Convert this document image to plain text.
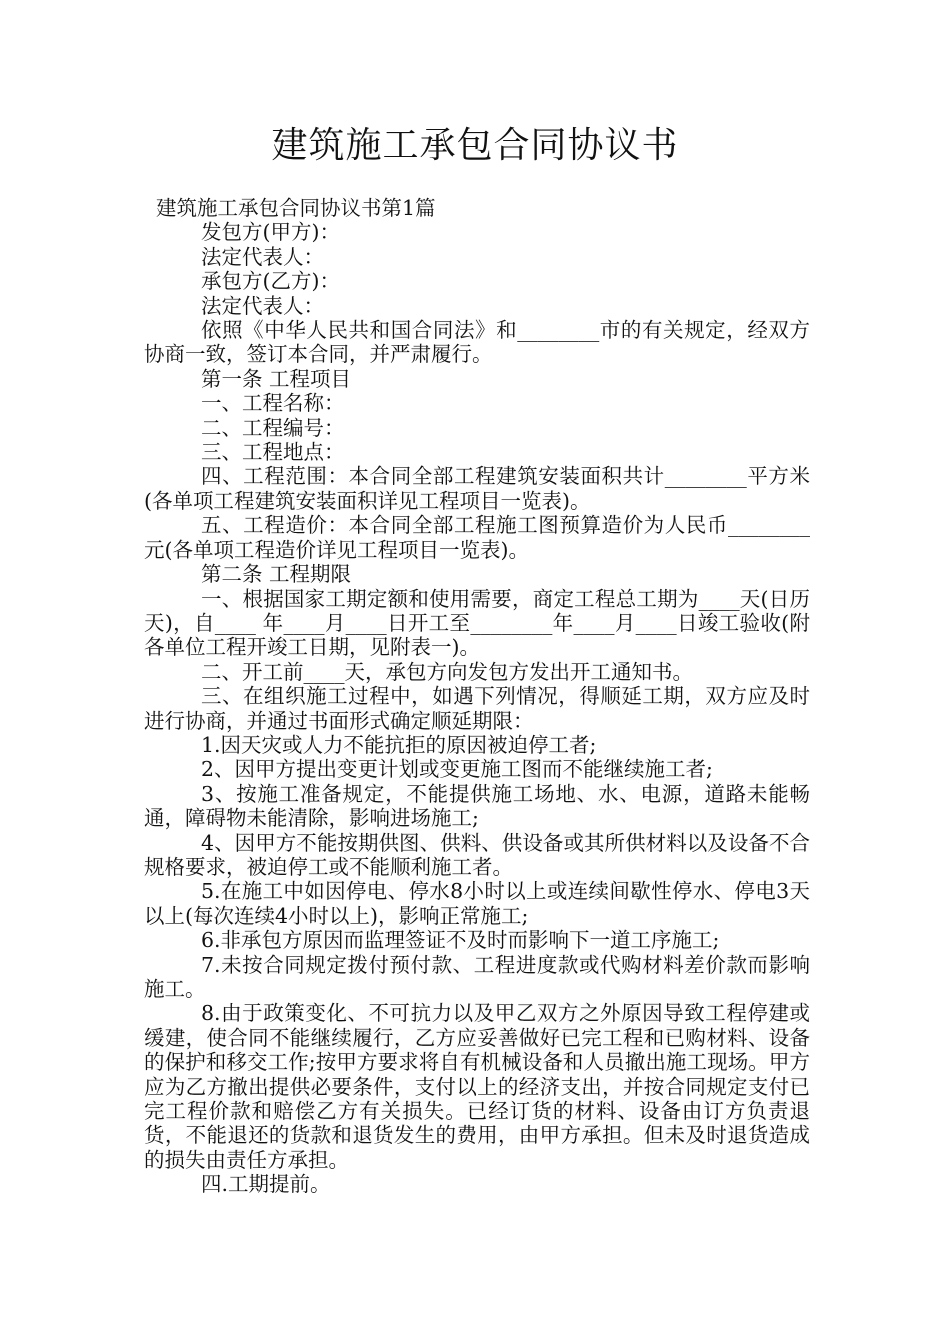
建筑施工承包合同协议书

建筑施工承包合同协议书第1篇

发包方(甲方)：

法定代表人：

承包方(乙方)：

法定代表人：

依照《中华人民共和国合同法》和________市的有关规定，经双方协商一致，签订本合同，并严肃履行。

第一条 工程项目

一、工程名称：

二、工程编号：

三、工程地点：

四、工程范围：本合同全部工程建筑安装面积共计________平方米(各单项工程建筑安装面积详见工程项目一览表)。

五、工程造价：本合同全部工程施工图预算造价为人民币________元(各单项工程造价详见工程项目一览表)。

第二条 工程期限

一、根据国家工期定额和使用需要，商定工程总工期为____天(日历天)，自____ 年____月____日开工至________年____月____日竣工验收(附各单位工程开竣工日期，见附表一)。

二、开工前____天，承包方向发包方发出开工通知书。

三、在组织施工过程中，如遇下列情况，得顺延工期，双方应及时进行协商，并通过书面形式确定顺延期限：

1.因天灾或人力不能抗拒的原因被迫停工者;

2、因甲方提出变更计划或变更施工图而不能继续施工者;

3、按施工准备规定，不能提供施工场地、水、电源，道路未能畅通，障碍物未能清除，影响进场施工;

4、因甲方不能按期供图、供料、供设备或其所供材料以及设备不合规格要求，被迫停工或不能顺利施工者。

5.在施工中如因停电、停水8小时以上或连续间歇性停水、停电3天以上(每次连续4小时以上)，影响正常施工;

6.非承包方原因而监理签证不及时而影响下一道工序施工;

7.未按合同规定拨付预付款、工程进度款或代购材料差价款而影响施工。

8.由于政策变化、不可抗力以及甲乙双方之外原因导致工程停建或缓建，使合同不能继续履行，乙方应妥善做好已完工程和已购材料、设备的保护和移交工作;按甲方要求将自有机械设备和人员撤出施工现场。甲方应为乙方撤出提供必要条件，支付以上的经济支出，并按合同规定支付已完工程价款和赔偿乙方有关损失。已经订货的材料、设备由订方负责退货，不能退还的货款和退货发生的费用，由甲方承担。但未及时退货造成的损失由责任方承担。

四.工期提前。
